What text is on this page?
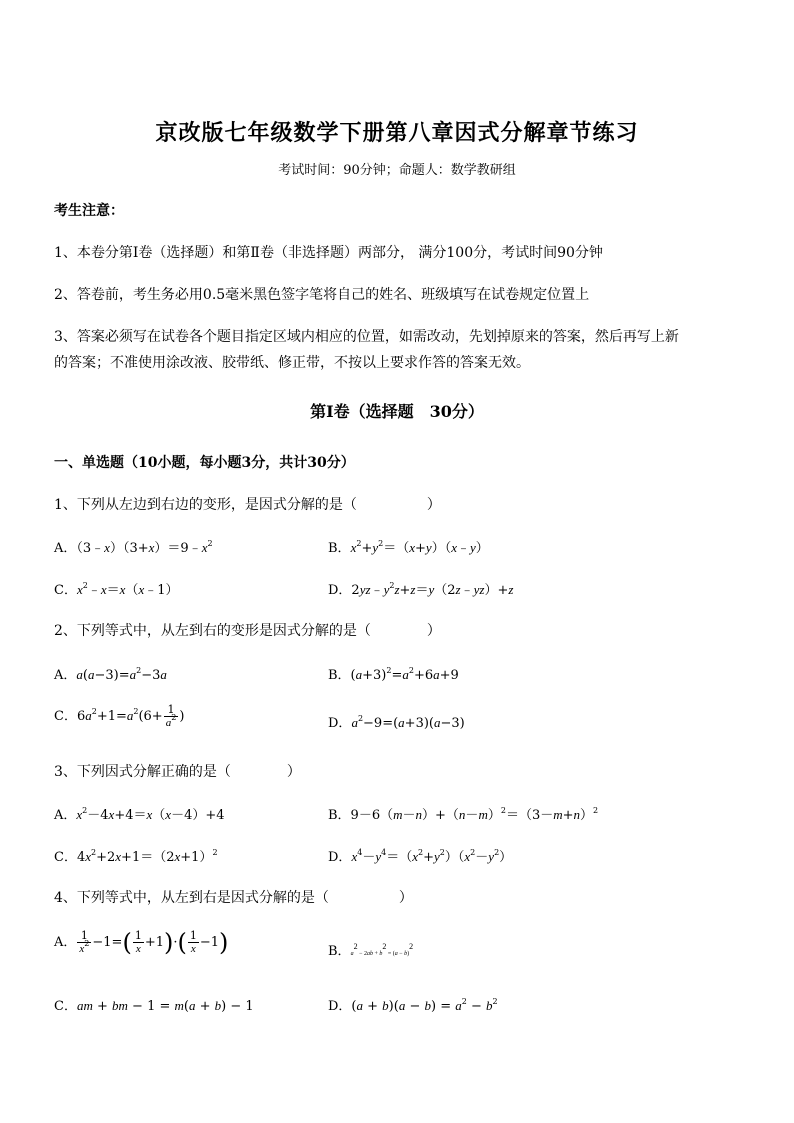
京改版七年级数学下册第八章因式分解章节练习
考试时间：90分钟；命题人：数学教研组
考生注意：
1、本卷分第Ⅰ卷（选择题）和第Ⅱ卷（非选择题）两部分， 满分100分，考试时间90分钟
2、答卷前，考生务必用0.5毫米黑色签字笔将自己的姓名、班级填写在试卷规定位置上
3、答案必须写在试卷各个题目指定区域内相应的位置，如需改动，先划掉原来的答案，然后再写上新
的答案；不准使用涂改液、胶带纸、修正带，不按以上要求作答的答案无效。
第Ⅰ卷（选择题　30分）
一、单选题（10小题，每小题3分，共计30分）
1、下列从左边到右边的变形，是因式分解的是（　　　　　）
A．$(3﹣x)(3+x)=9﹣x^2$	B．$x^2+y^2=(x+y)(x﹣y)$
C．$x^2﹣x=x(x﹣1)$	D．$2yz﹣y^2z+z=y(2z﹣yz)+z$
2、下列等式中，从左到右的变形是因式分解的是（　　　　）
A．$a(a-3)=a^2-3a$	B．$(a+3)^2=a^2+6a+9$
C．$6a^2+1=a^2(6+ \frac{1}{a^2}$ )	D．$a^2-9=(a+3)(a-3)$
3、下列因式分解正确的是（　　　　）
A．$x^2-4x+4=x(x-4)+4$	B．$9-6(m-n)+(n-m)^2=(3-m+n)^2$
C．$4x^2+2x+1=(2x+1)^2$	D．$x^4-y^4=(x^2+y^2)(x^2-y^2)$
4、下列等式中，从左到右是因式分解的是（　　　　　）
A． $\frac{1}{x^2} -1=( \frac{1}{x} +1)\cdot( \frac{1}{x} -1)$	B．$a^2 - 2ab + b^2 = (a - b)^2$
C．am + bm − 1 = m(a + b) − 1	D．$(a + b)(a - b) = a^2 - b^2$
